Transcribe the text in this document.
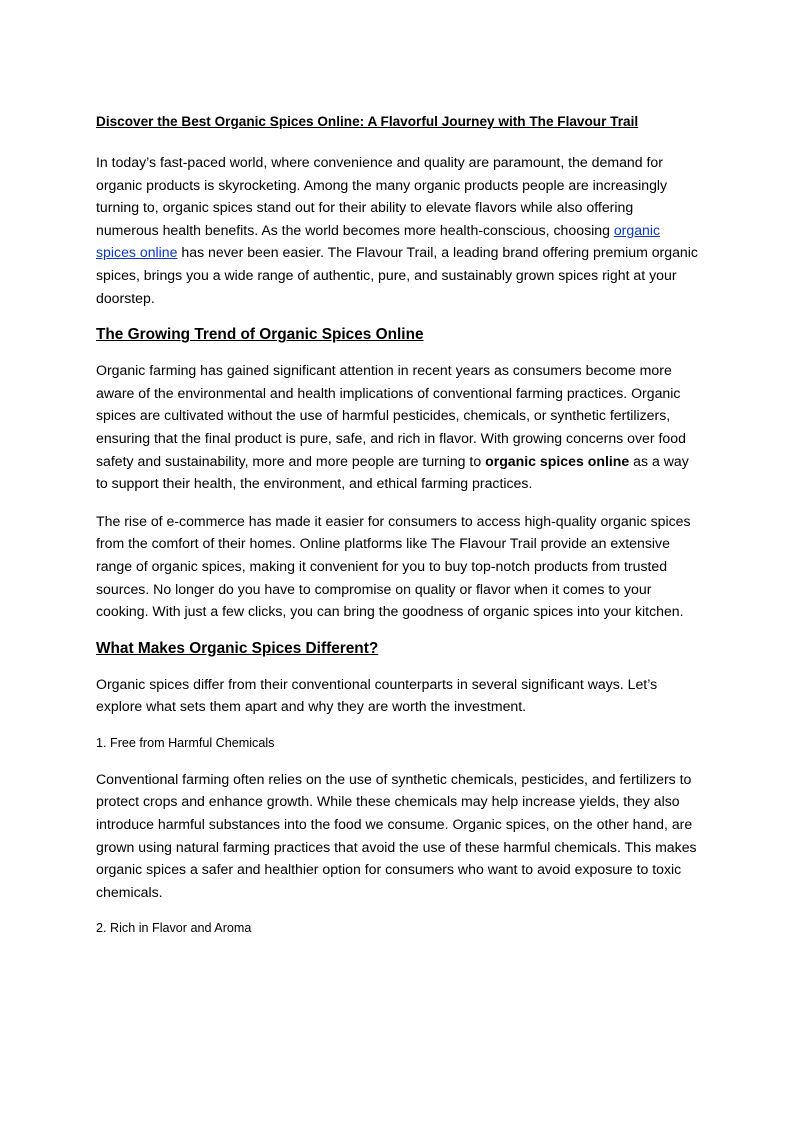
Discover the Best Organic Spices Online: A Flavorful Journey with The Flavour Trail

In today’s fast-paced world, where convenience and quality are paramount, the demand for organic products is skyrocketing. Among the many organic products people are increasingly turning to, organic spices stand out for their ability to elevate flavors while also offering numerous health benefits. As the world becomes more health-conscious, choosing organic spices online has never been easier. The Flavour Trail, a leading brand offering premium organic spices, brings you a wide range of authentic, pure, and sustainably grown spices right at your doorstep.

The Growing Trend of Organic Spices Online

Organic farming has gained significant attention in recent years as consumers become more aware of the environmental and health implications of conventional farming practices. Organic spices are cultivated without the use of harmful pesticides, chemicals, or synthetic fertilizers, ensuring that the final product is pure, safe, and rich in flavor. With growing concerns over food safety and sustainability, more and more people are turning to organic spices online as a way to support their health, the environment, and ethical farming practices.

The rise of e-commerce has made it easier for consumers to access high-quality organic spices from the comfort of their homes. Online platforms like The Flavour Trail provide an extensive range of organic spices, making it convenient for you to buy top-notch products from trusted sources. No longer do you have to compromise on quality or flavor when it comes to your cooking. With just a few clicks, you can bring the goodness of organic spices into your kitchen.

What Makes Organic Spices Different?

Organic spices differ from their conventional counterparts in several significant ways. Let’s explore what sets them apart and why they are worth the investment.

1. Free from Harmful Chemicals

Conventional farming often relies on the use of synthetic chemicals, pesticides, and fertilizers to protect crops and enhance growth. While these chemicals may help increase yields, they also introduce harmful substances into the food we consume. Organic spices, on the other hand, are grown using natural farming practices that avoid the use of these harmful chemicals. This makes organic spices a safer and healthier option for consumers who want to avoid exposure to toxic chemicals.

2. Rich in Flavor and Aroma
